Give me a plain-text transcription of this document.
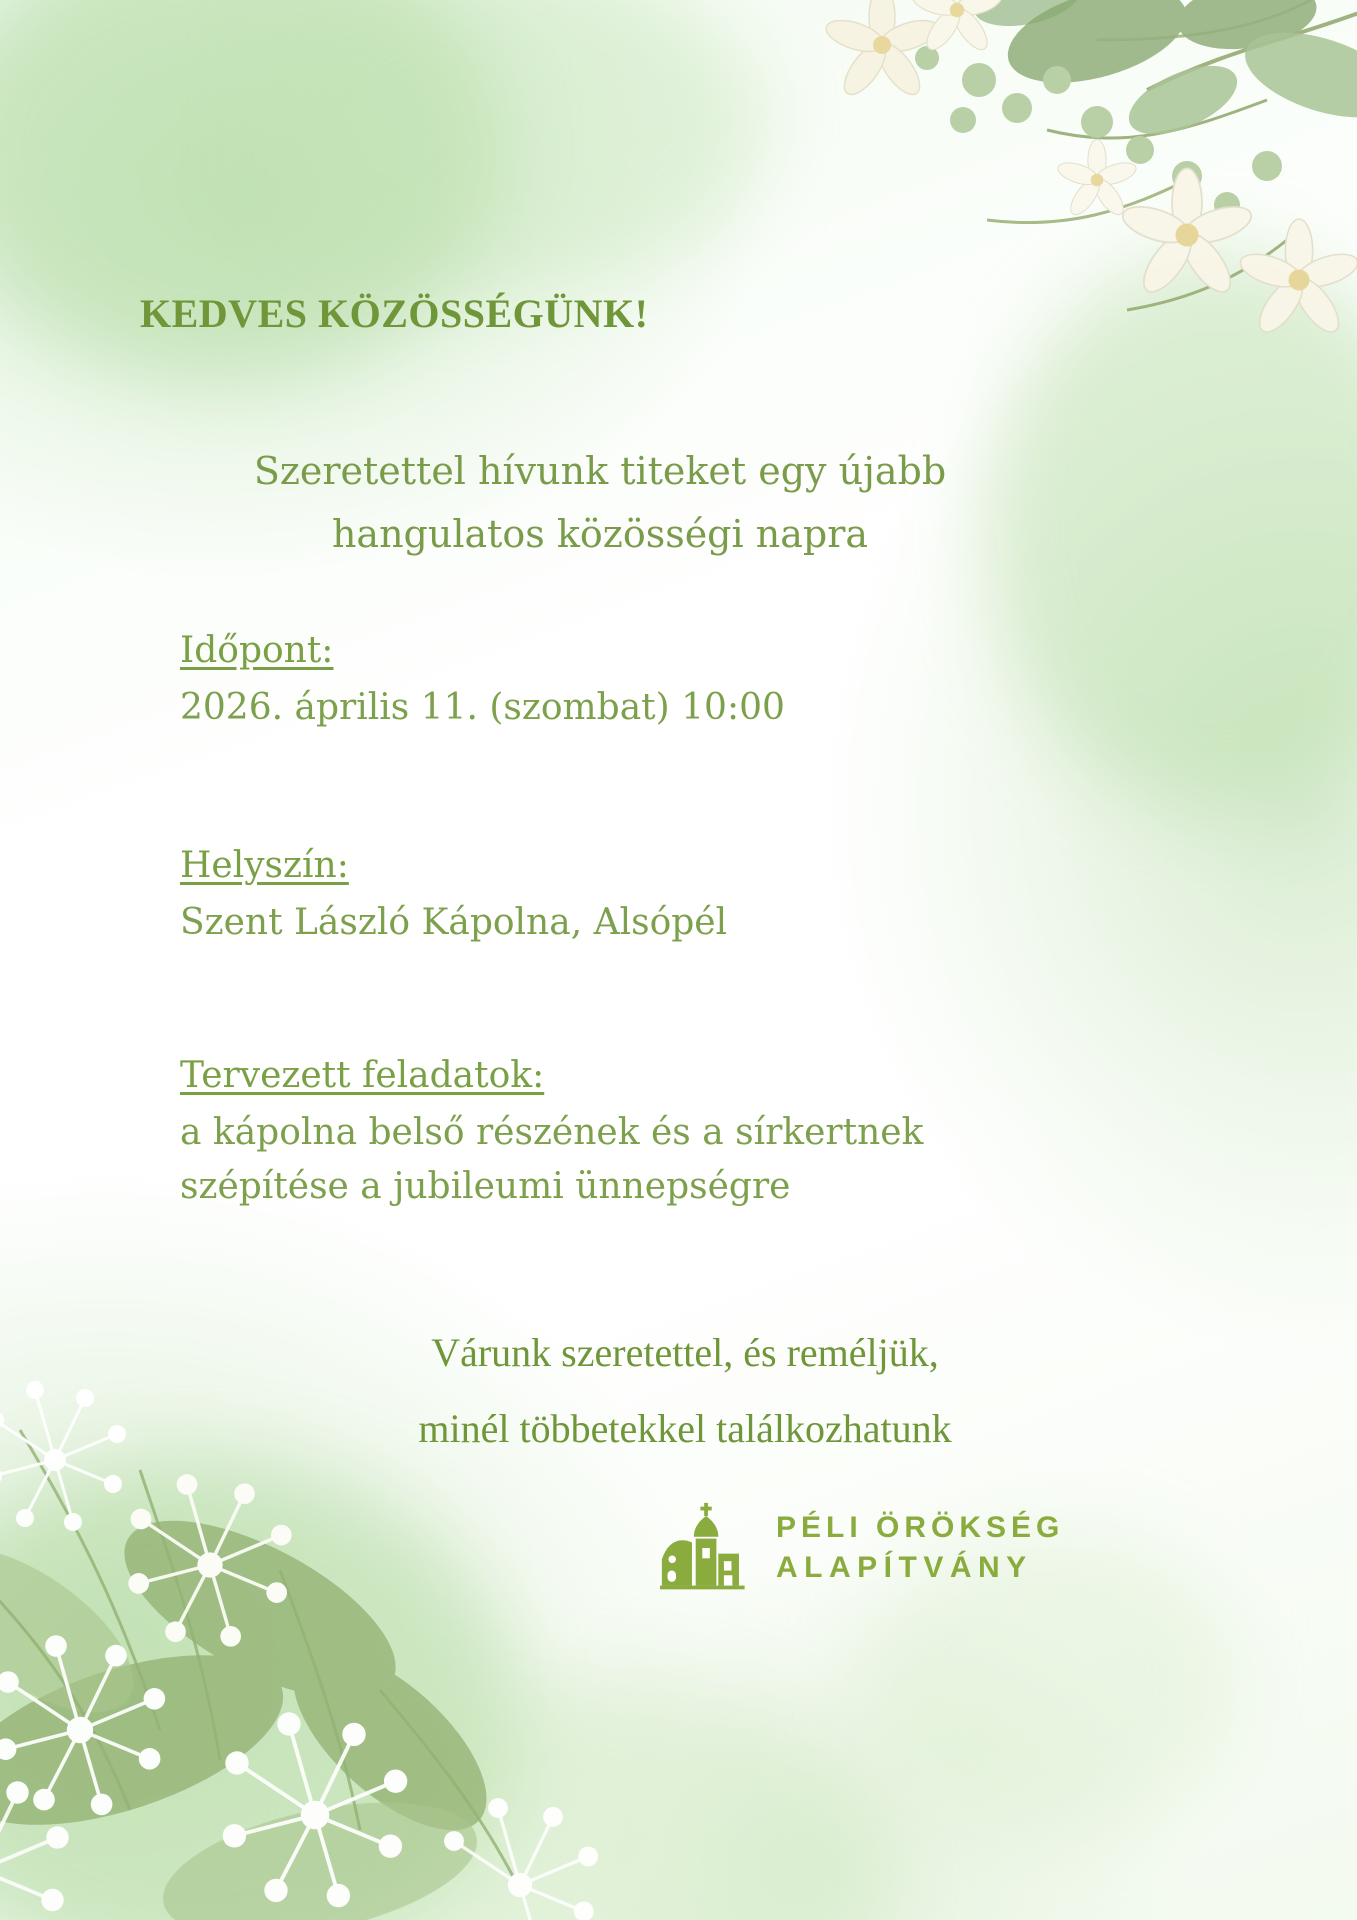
KEDVES KÖZÖSSÉGÜNK!
Szeretettel hívunk titeket egy újabb
hangulatos közösségi napra
Időpont:
2026. április 11. (szombat) 10:00
Helyszín:
Szent László Kápolna, Alsópél
Tervezett feladatok:
a kápolna belső részének és a sírkertnek
szépítése a jubileumi ünnepségre
Várunk szeretettel, és reméljük,
minél többetekkel találkozhatunk
PÉLI ÖRÖKSÉG
ALAPÍTVÁNY
